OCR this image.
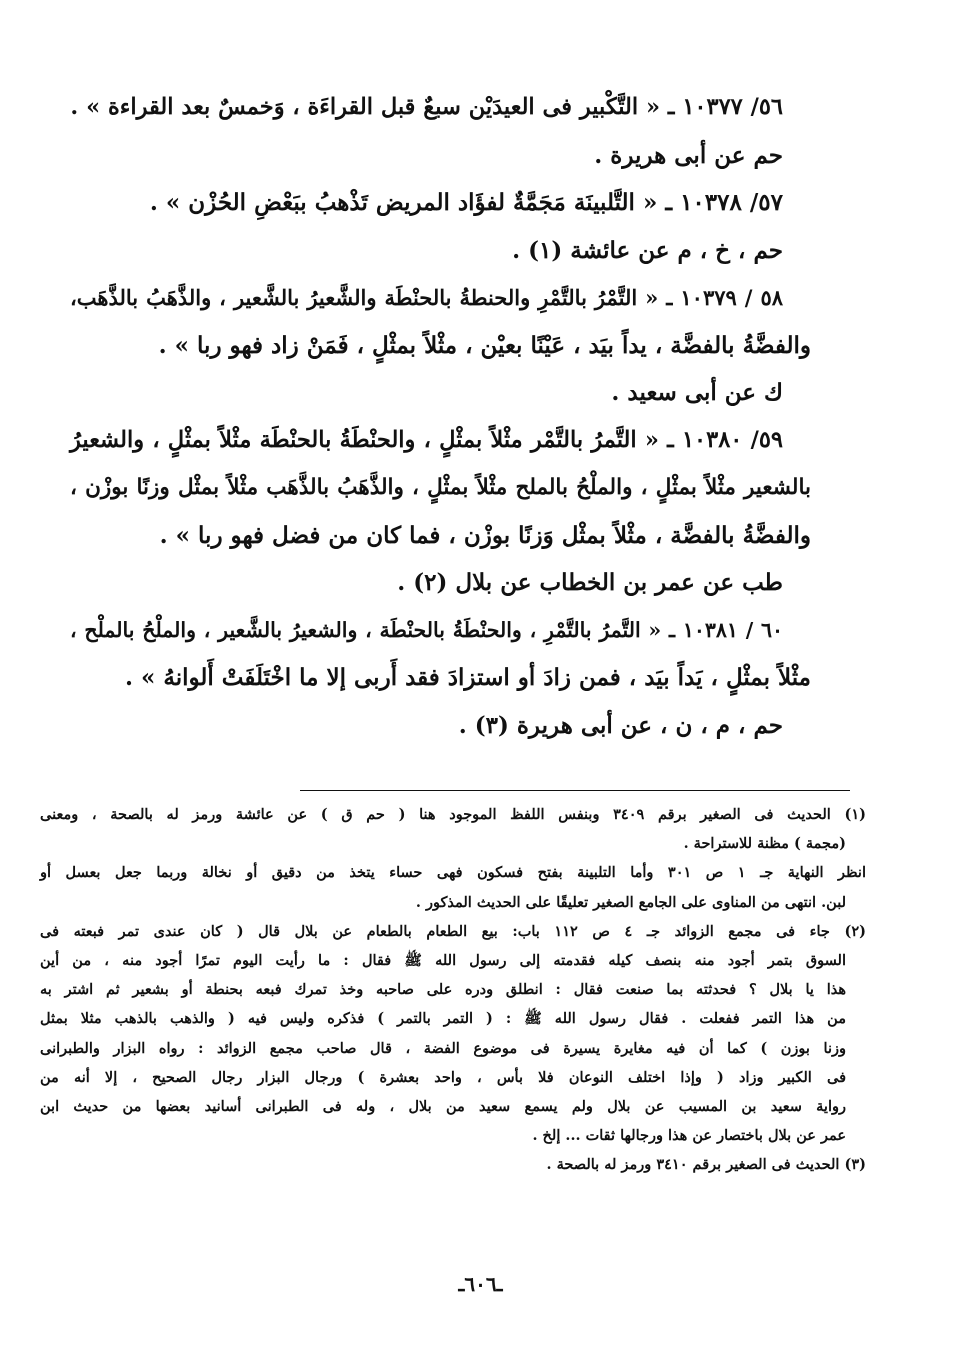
٥٦/ ١٠٣٧٧ ـ « التَّكْبير فى العيدَيْن سبعٌ قبل القراءَة ، وَخمسٌ بعد القراءة » .

حم عن أبى هريرة .

٥٧/ ١٠٣٧٨ ـ « التَّلبينَة مَجَمَّةٌ لفؤَاد المريض تَذْهبُ ببَعْضِ الحُزْن » .

حم ، خ ، م عن عائشة (١) .

٥٨ / ١٠٣٧٩ ـ « التَّمْرُ بالتَّمْرِ والحنطةُ بالحنْطَة والشَّعيرُ بالشَّعير ، والذَّهَبُ بالذَّهَب،

والفضَّةُ بالفضَّة ، يداً بيَد ، عَيْنًا بعيْن ، مثْلاً بمثْلٍ ، فَمَنْ زاد فهو ربا » .

ك عن أبى سعيد .

٥٩/ ١٠٣٨٠ ـ « التَّمرُ بالتَّمْر مثْلاً بمثْلٍ ، والحنْطَةُ بالحنْطَة مثْلاً بمثْلٍ ، والشعيرُ

بالشعير مثْلاً بمثْلٍ ، والملْحُ بالملح مثْلاً بمثْلٍ ، والذَّهَبُ بالذَّهَب مثْلاً بمثْل وزنًا بوزْن ،

والفضَّةُ بالفضَّة ، مثْلاً بمثْل وَزنًا بوزْن ، فما كان من فضل فهو ربا » .

طب عن عمر بن الخطاب عن بلال (٢) .

٦٠ / ١٠٣٨١ ـ « التَّمرُ بالتَّمْرِ ، والحنْطَةُ بالحنْطَة ، والشعيرُ بالشَّعير ، والملْحُ بالملْح ،

مثْلاً بمثْلٍ ، يَداً بيَد ، فمن زادَ أو استزادَ فقد أَربى إلا ما اخْتَلَفَتْ أَلوانهُ » .

حم ، م ، ن ، عن أبى هريرة (٣) .

(١) الحديث فى الصغير برقم ٣٤٠٩ وبنفس اللفظ الموجود هنا ( حم ق ) عن عائشة ورمز له بالصحة ، ومعنى

(مجمة ) مظنة للاستراحة .

انظر النهاية جـ ١ ص ٣٠١ وأما التلبينة بفتح فسكون فهى حساء يتخذ من دقيق أو نخالة وربما جعل بعسل أو

لبن. انتهى من المناوى على الجامع الصغير تعليقًا على الحديث المذكور .

(٢) جاء فى مجمع الزوائد جـ ٤ ص ١١٢ باب: بيع الطعام بالطعام عن بلال قال ( كان عندى تمر فبعته فى

السوق بتمر أجود منه بنصف كيله فقدمته إلى رسول الله ﷺ فقال : ما رأيت اليوم تمرًا أجود منه ، من أين

هذا يا بلال ؟ فحدثته بما صنعت فقال : انطلق ودره على صاحبه وخذ تمرك فبعه بحنطة أو بشعير ثم اشتر به

من هذا التمر ففعلت . فقال رسول الله ﷺ : ( التمر بالتمر ) فذكره وليس فيه ( والذهب بالذهب مثلا بمثل

وزنا بوزن ) كما أن فيه مغايرة يسيرة فى موضوع الفضة ، قال صاحب مجمع الزوائد : رواه البزار والطبرانى

فى الكبير وزاد ( وإذا اختلف النوعان فلا بأس ، واحد بعشرة ) ورجال البزار رجال الصحيح ، إلا أنه من

رواية سعيد بن المسيب عن بلال ولم يسمع سعيد من بلال ، وله فى الطبرانى أسانيد بعضها من حديث ابن

عمر عن بلال باختصار عن هذا ورجالها ثقات ... إلخ .

(٣) الحديث فى الصغير برقم ٣٤١٠ ورمز له بالصحة .

ـ٦٠٦ـ
